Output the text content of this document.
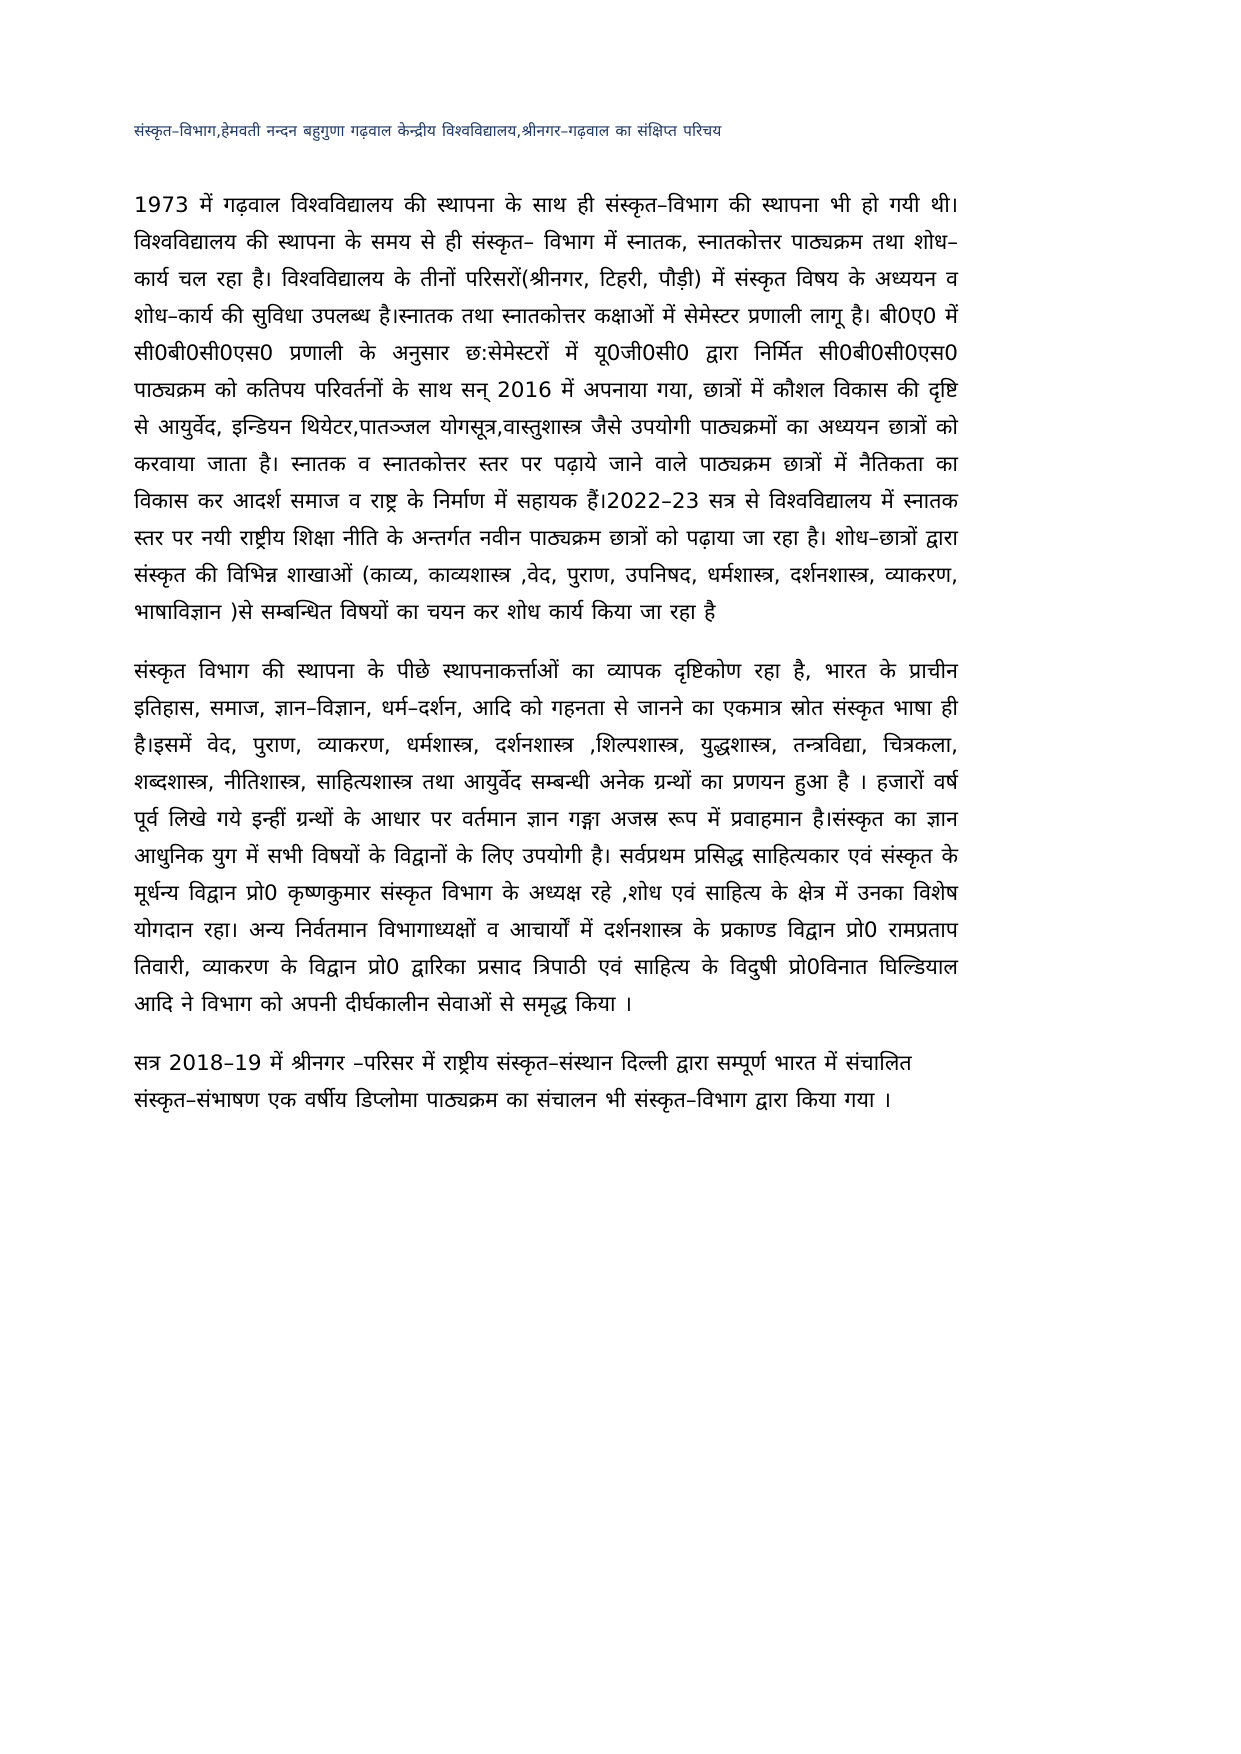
संस्कृत–विभाग,हेमवती नन्दन बहुगुणा गढ़वाल केन्द्रीय विश्वविद्यालय,श्रीनगर–गढ़वाल का संक्षिप्त परिचय

1973 में गढ़वाल विश्वविद्यालय की स्थापना के साथ ही संस्कृत–विभाग की स्थापना भी हो गयी थी। विश्वविद्यालय की स्थापना के समय से ही संस्कृत– विभाग में स्नातक, स्नातकोत्तर पाठ्यक्रम तथा शोध–कार्य चल रहा है। विश्वविद्यालय के तीनों परिसरों(श्रीनगर, टिहरी, पौड़ी) में संस्कृत विषय के अध्ययन व शोध–कार्य की सुविधा उपलब्ध है।स्नातक तथा स्नातकोत्तर कक्षाओं में सेमेस्टर प्रणाली लागू है। बी0ए0 में सी0बी0सी0एस0 प्रणाली के अनुसार छ:सेमेस्टरों में यू0जी0सी0 द्वारा निर्मित सी0बी0सी0एस0 पाठ्यक्रम को कतिपय परिवर्तनों के साथ सन् 2016 में अपनाया गया, छात्रों में कौशल विकास की दृष्टि से आयुर्वेद, इन्डियन थियेटर,पातञ्जल योगसूत्र,वास्तुशास्त्र जैसे उपयोगी पाठ्यक्रमों का अध्ययन छात्रों को करवाया जाता है। स्नातक व स्नातकोत्तर स्तर पर पढ़ाये जाने वाले पाठ्यक्रम छात्रों में नैतिकता का विकास कर आदर्श समाज व राष्ट्र के निर्माण में सहायक हैं।2022–23 सत्र से विश्वविद्यालय में स्नातक स्तर पर नयी राष्ट्रीय शिक्षा नीति के अन्तर्गत नवीन पाठ्यक्रम छात्रों को पढ़ाया जा रहा है। शोध–छात्रों द्वारा संस्कृत की विभिन्न शाखाओं (काव्य, काव्यशास्त्र ,वेद, पुराण, उपनिषद, धर्मशास्त्र, दर्शनशास्त्र, व्याकरण, भाषाविज्ञान )से सम्बन्धित विषयों का चयन कर शोध कार्य किया जा रहा है

संस्कृत विभाग की स्थापना के पीछे स्थापनाकर्त्ताओं का व्यापक दृष्टिकोण रहा है, भारत के प्राचीन इतिहास, समाज, ज्ञान–विज्ञान, धर्म–दर्शन, आदि को गहनता से जानने का एकमात्र स्रोत संस्कृत भाषा ही है।इसमें वेद, पुराण, व्याकरण, धर्मशास्त्र, दर्शनशास्त्र ,शिल्पशास्त्र, युद्धशास्त्र, तन्त्रविद्या, चित्रकला, शब्दशास्त्र, नीतिशास्त्र, साहित्यशास्त्र तथा आयुर्वेद सम्बन्धी अनेक ग्रन्थों का प्रणयन हुआ है । हजारों वर्ष पूर्व लिखे गये इन्हीं ग्रन्थों के आधार पर वर्तमान ज्ञान गङ्गा अजस्र रूप में प्रवाहमान है।संस्कृत का ज्ञान आधुनिक युग में सभी विषयों के विद्वानों के लिए उपयोगी है। सर्वप्रथम प्रसिद्ध साहित्यकार एवं संस्कृत के मूर्धन्य विद्वान प्रो0 कृष्णकुमार संस्कृत विभाग के अध्यक्ष रहे ,शोध एवं साहित्य के क्षेत्र में उनका विशेष योगदान रहा। अन्य निर्वतमान विभागाध्यक्षों व आचार्यों में दर्शनशास्त्र के प्रकाण्ड विद्वान प्रो0 रामप्रताप तिवारी, व्याकरण के विद्वान प्रो0 द्वारिका प्रसाद त्रिपाठी एवं साहित्य के विदुषी प्रो0विनात घिल्डियाल आदि ने विभाग को अपनी दीर्घकालीन सेवाओं से समृद्ध किया ।

सत्र 2018–19 में श्रीनगर –परिसर में राष्ट्रीय संस्कृत–संस्थान दिल्ली द्वारा सम्पूर्ण भारत में संचालित संस्कृत–संभाषण एक वर्षीय डिप्लोमा पाठ्यक्रम का संचालन भी संस्कृत–विभाग द्वारा किया गया ।
